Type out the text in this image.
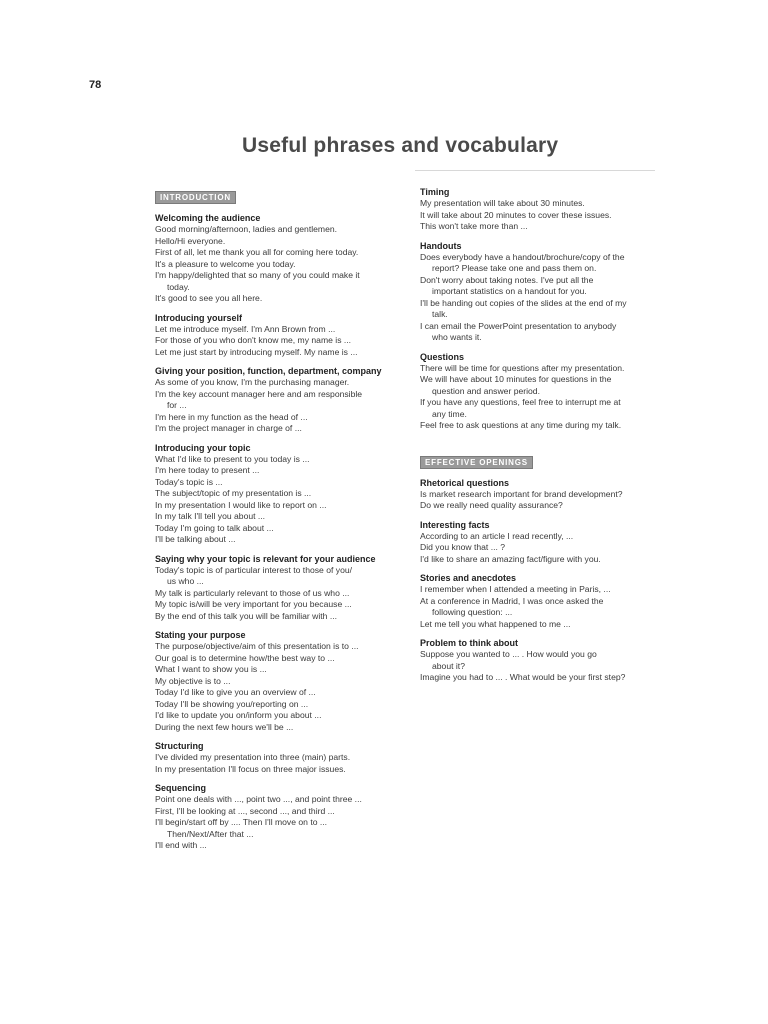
78
Useful phrases and vocabulary
INTRODUCTION
Welcoming the audience
Good morning/afternoon, ladies and gentlemen.
Hello/Hi everyone.
First of all, let me thank you all for coming here today.
It's a pleasure to welcome you today.
I'm happy/delighted that so many of you could make it
today.
It's good to see you all here.
Introducing yourself
Let me introduce myself. I'm Ann Brown from ...
For those of you who don't know me, my name is ...
Let me just start by introducing myself. My name is ...
Giving your position, function, department, company
As some of you know, I'm the purchasing manager.
I'm the key account manager here and am responsible
for ...
I'm here in my function as the head of ...
I'm the project manager in charge of ...
Introducing your topic
What I'd like to present to you today is ...
I'm here today to present ...
Today's topic is ...
The subject/topic of my presentation is ...
In my presentation I would like to report on ...
In my talk I'll tell you about ...
Today I'm going to talk about ...
I'll be talking about ...
Saying why your topic is relevant for your audience
Today's topic is of particular interest to those of you/
us who ...
My talk is particularly relevant to those of us who ...
My topic is/will be very important for you because ...
By the end of this talk you will be familiar with ...
Stating your purpose
The purpose/objective/aim of this presentation is to ...
Our goal is to determine how/the best way to ...
What I want to show you is ...
My objective is to ...
Today I'd like to give you an overview of ...
Today I'll be showing you/reporting on ...
I'd like to update you on/inform you about ...
During the next few hours we'll be ...
Structuring
I've divided my presentation into three (main) parts.
In my presentation I'll focus on three major issues.
Sequencing
Point one deals with ..., point two ..., and point three ...
First, I'll be looking at ..., second ..., and third ...
I'll begin/start off by .... Then I'll move on to ...
Then/Next/After that ...
I'll end with ...
Timing
My presentation will take about 30 minutes.
It will take about 20 minutes to cover these issues.
This won't take more than ...
Handouts
Does everybody have a handout/brochure/copy of the
report? Please take one and pass them on.
Don't worry about taking notes. I've put all the
important statistics on a handout for you.
I'll be handing out copies of the slides at the end of my
talk.
I can email the PowerPoint presentation to anybody
who wants it.
Questions
There will be time for questions after my presentation.
We will have about 10 minutes for questions in the
question and answer period.
If you have any questions, feel free to interrupt me at
any time.
Feel free to ask questions at any time during my talk.
EFFECTIVE OPENINGS
Rhetorical questions
Is market research important for brand development?
Do we really need quality assurance?
Interesting facts
According to an article I read recently, ...
Did you know that ... ?
I'd like to share an amazing fact/figure with you.
Stories and anecdotes
I remember when I attended a meeting in Paris, ...
At a conference in Madrid, I was once asked the
following question: ...
Let me tell you what happened to me ...
Problem to think about
Suppose you wanted to ... . How would you go
about it?
Imagine you had to ... . What would be your first step?
